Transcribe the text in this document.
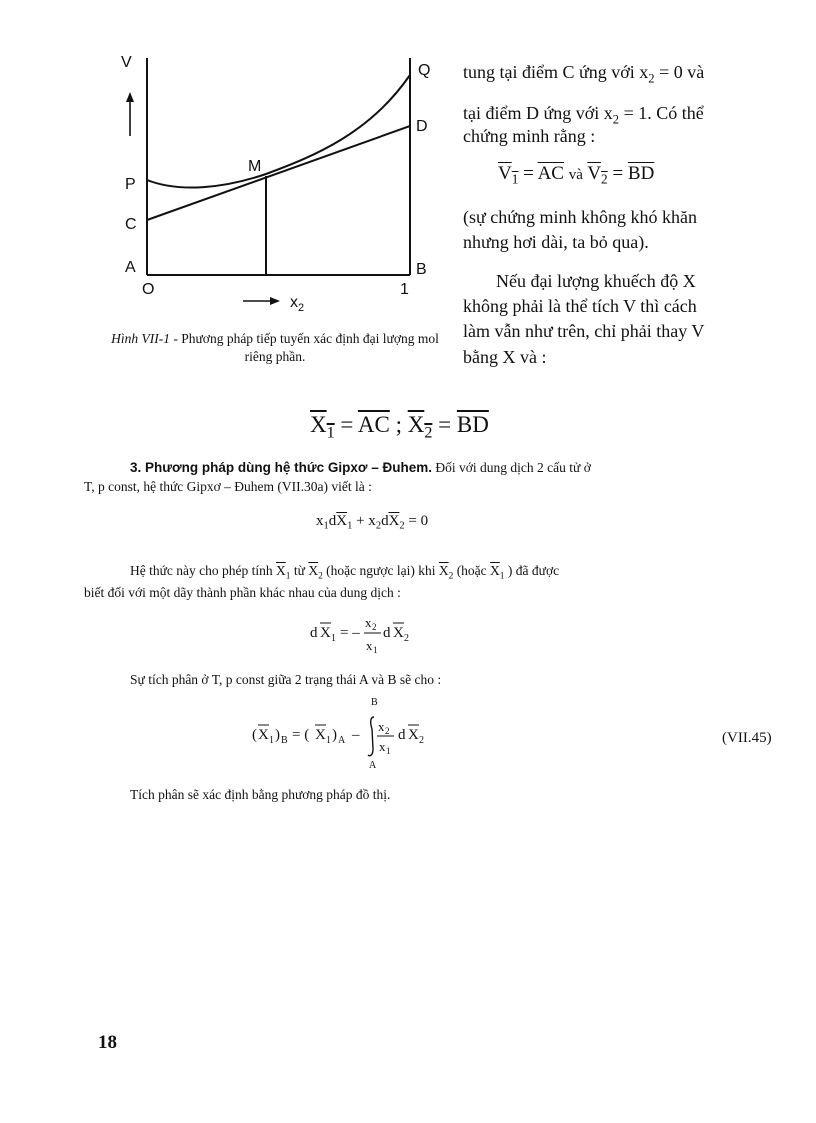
V
P
C
A
O
M
Q
D
B
1
$x_2$
Hình VII-1 - Phương pháp tiếp tuyến xác định đại lượng mol riêng phần.
tung tại điểm C ứng với $x_2 = 0$ và
tại điểm D ứng với $x_2 = 1$. Có thể
chứng minh rằng :
$V_1 = \overline{AC}$ và $V_2 = \overline{BD}$
(sự chứng minh không khó khăn
nhưng hơi dài, ta bỏ qua).
Nếu đại lượng khuếch độ X
không phải là thể tích V thì cách
làm vẫn như trên, chỉ phải thay V
bằng X và :
$X_1 = \overline{AC}$ ; $X_2 = \overline{BD}$
3. Phương pháp dùng hệ thức Gipxơ – Đuhem. Đối với dung dịch 2 cấu tử ở
T, p const, hệ thức Gipxơ – Đuhem (VII.30a) viết là :
$x_1d\overline{X}_1 + x_2d\overline{X}_2 = 0$
Hệ thức này cho phép tính $\overline{X}_1$ từ $\overline{X}_2$ (hoặc ngược lại) khi $\overline{X}_2$ (hoặc $\overline{X}_1$ ) đã được
biết đối với một dãy thành phần khác nhau của dung dịch :
d X 1 = –
x 2
x 1
d X 2
Sự tích phân ở T, p const giữa 2 trạng thái A và B sẽ cho :
( X 1 ) B = ( X 1 ) A –
B
A
x 2
x 1
d X 2	(VII.45)
Tích phân sẽ xác định bằng phương pháp đồ thị.
18
